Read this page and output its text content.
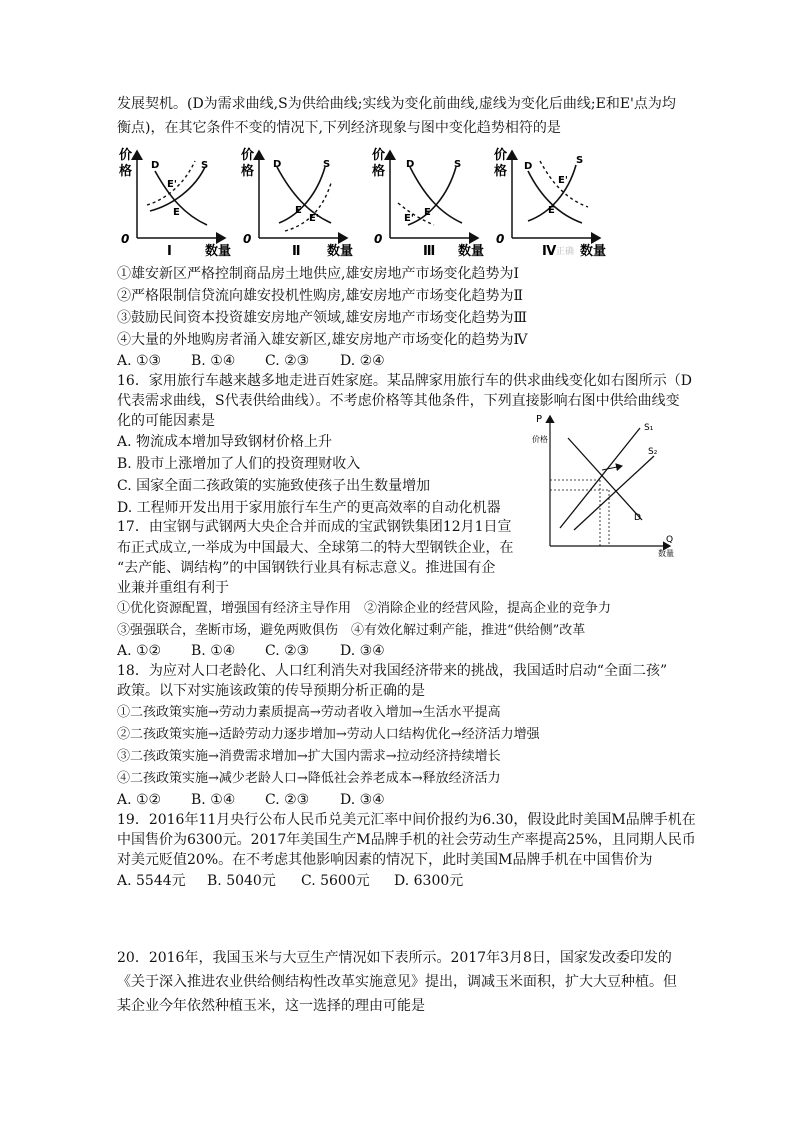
发展契机。(D为需求曲线,S为供给曲线;实线为变化前曲线,虚线为变化后曲线;E和E'点为均
衡点)，在其它条件不变的情况下,下列经济现象与图中变化趋势相符的是
价
格 D	S
E'
E
0
Ⅰ	数量
价
格 D	S
E
E'
0
Ⅱ 数量
价
格 D	S
E'
E
0
Ⅲ 数量
价
格 D
S
E'
E
0
Ⅳ 正确 数量
①雄安新区严格控制商品房土地供应,雄安房地产市场变化趋势为Ⅰ
②严格限制信贷流向雄安投机性购房,雄安房地产市场变化趋势为Ⅱ
③鼓励民间资本投资雄安房地产领域,雄安房地产市场变化趋势为Ⅲ
④大量的外地购房者涌入雄安新区,雄安房地产市场变化的趋势为Ⅳ
A. ①③ B. ①④ C. ②③ D. ②④
16．家用旅行车越来越多地走进百姓家庭。某品牌家用旅行车的供求曲线变化如右图所示（D
代表需求曲线，S代表供给曲线）。不考虑价格等其他条件，下列直接影响右图中供给曲线变
化的可能因素是
A. 物流成本增加导致钢材价格上升
B. 股市上涨增加了人们的投资理财收入
C. 国家全面二孩政策的实施致使孩子出生数量增加
D. 工程师开发出用于家用旅行车生产的更高效率的自动化机器
P
价格
S₁
S₂
D
Q
数量
17．由宝钢与武钢两大央企合并而成的宝武钢铁集团12月1日宣
布正式成立,一举成为中国最大、全球第二的特大型钢铁企业，在
“去产能、调结构”的中国钢铁行业具有标志意义。推进国有企
业兼并重组有利于
①优化资源配置，增强国有经济主导作用　②消除企业的经营风险，提高企业的竞争力
③强强联合，垄断市场，避免两败俱伤　④有效化解过剩产能，推进“供给侧”改革
A. ①② B. ①④ C. ②③ D. ③④
18．为应对人口老龄化、人口红利消失对我国经济带来的挑战，我国适时启动“全面二孩”
政策。以下对实施该政策的传导预期分析正确的是
①二孩政策实施→劳动力素质提高→劳动者收入增加→生活水平提高
②二孩政策实施→适龄劳动力逐步增加→劳动人口结构优化→经济活力增强
③二孩政策实施→消费需求增加→扩大国内需求→拉动经济持续增长
④二孩政策实施→减少老龄人口→降低社会养老成本→释放经济活力
A. ①② B. ①④ C. ②③ D. ③④
19．2016年11月央行公布人民币兑美元汇率中间价报约为6.30，假设此时美国M品牌手机在
中国售价为6300元。2017年美国生产M品牌手机的社会劳动生产率提高25%，且同期人民币
对美元贬值20%。在不考虑其他影响因素的情况下，此时美国M品牌手机在中国售价为
A. 5544元 B. 5040元 C. 5600元 D. 6300元
20．2016年，我国玉米与大豆生产情况如下表所示。2017年3月8日，国家发改委印发的
《关于深入推进农业供给侧结构性改革实施意见》提出，调减玉米面积，扩大大豆种植。但
某企业今年依然种植玉米，这一选择的理由可能是
